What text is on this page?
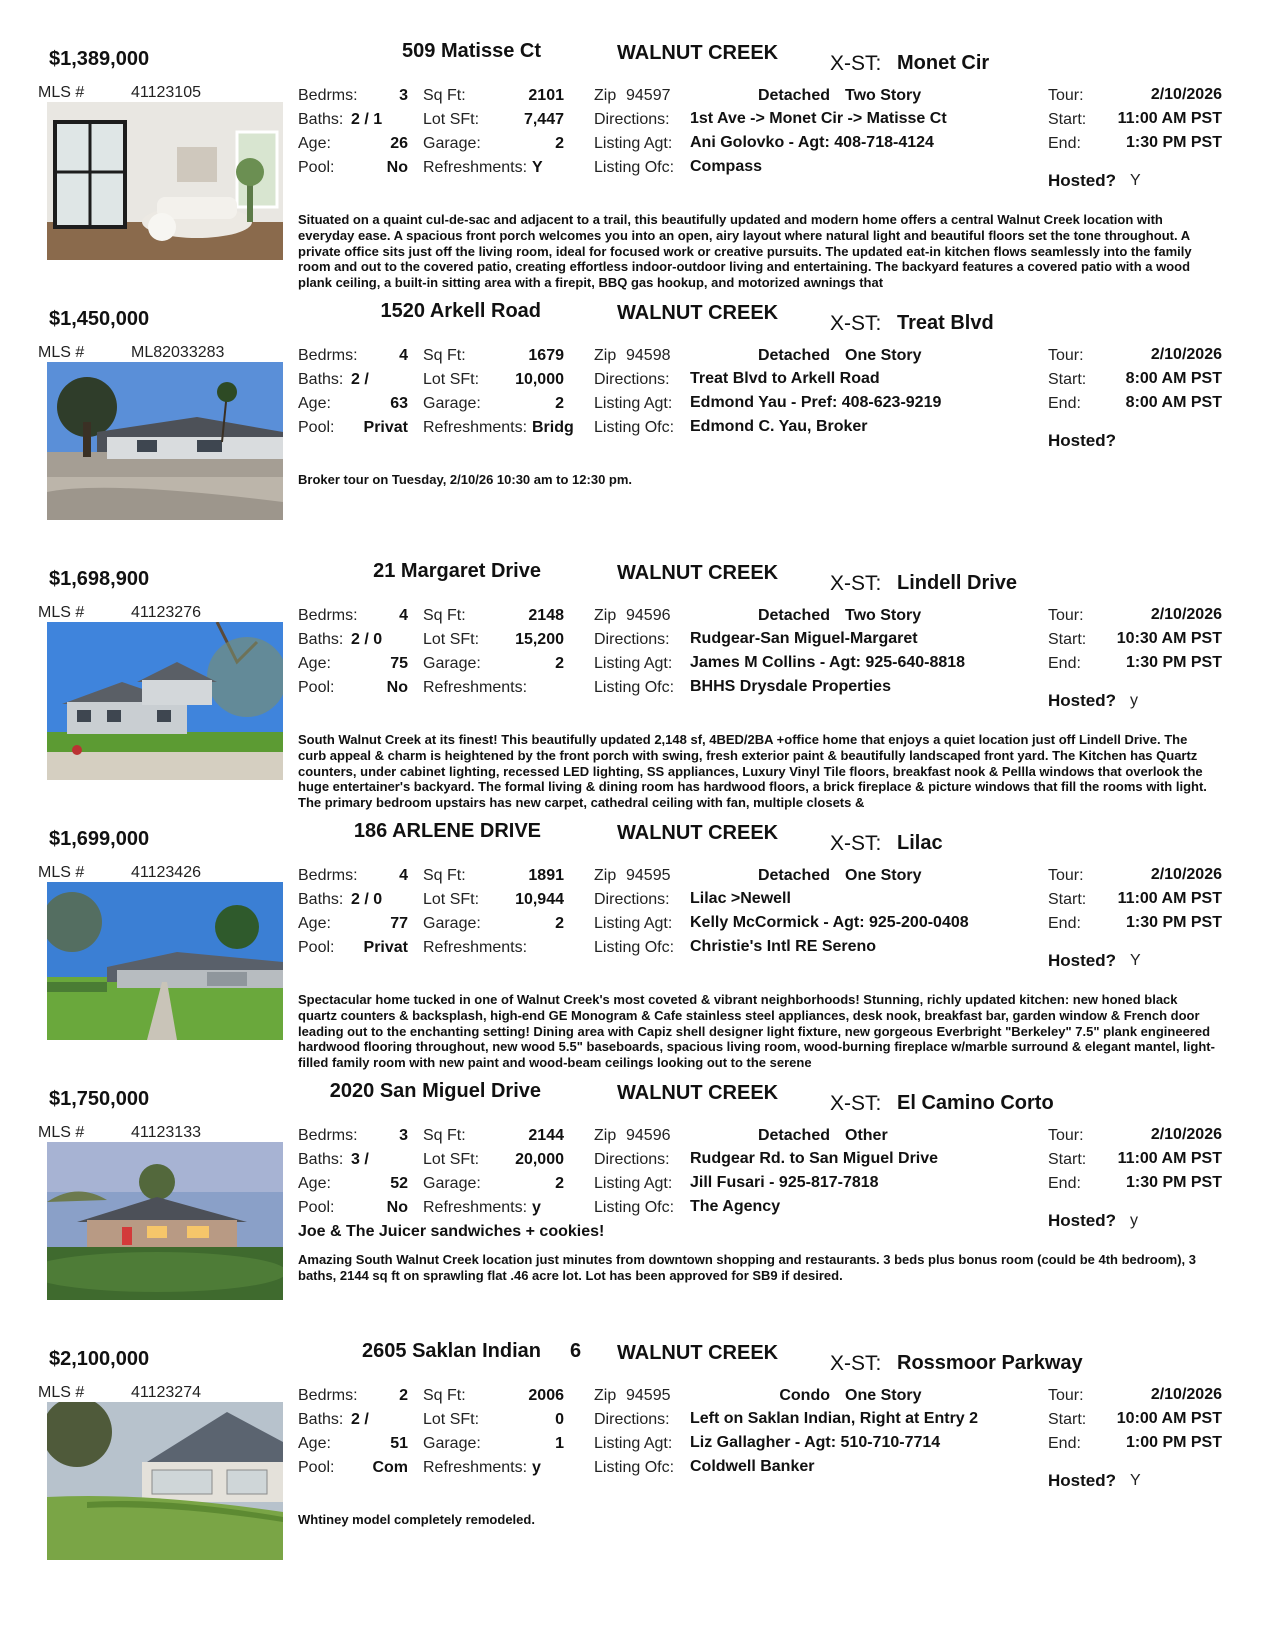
$1,389,000	509 Matisse Ct	WALNUT CREEK X-ST: Monet Cir
MLS #	41123105	Bedrms:	3
Baths: 2 / 1
Age:	26
Pool:	No
Sq Ft:	2101
Lot SFt:	7,447
Garage:	2
Refreshments: Y
Zip 94597	Detached Two Story
Directions: 1st Ave -> Monet Cir -> Matisse Ct
Listing Agt: Ani Golovko - Agt: 408-718-4124
Listing Ofc: Compass
Tour:	2/10/2026
Start: 11:00 AM PST
End:	1:30 PM PST
Hosted? Y
Situated on a quaint cul-de-sac and adjacent to a trail, this beautifully updated and modern home offers a central Walnut Creek location with everyday ease. A spacious front porch welcomes you into an open, airy layout where natural light and beautiful floors set the tone throughout. A private office sits just off the living room, ideal for focused work or creative pursuits. The updated eat-in kitchen flows seamlessly into the family room and out to the covered patio, creating effortless indoor-outdoor living and entertaining. The backyard features a covered patio with a wood plank ceiling, a built-in sitting area with a firepit, BBQ gas hookup, and motorized awnings that
$1,450,000	1520 Arkell Road	WALNUT CREEK X-ST: Treat Blvd
MLS #	ML82033283	Bedrms:	4
Baths: 2 /
Age:	63
Pool: Privat
Sq Ft:	1679
Lot SFt: 10,000
Garage:	2
Refreshments: Bridg
Zip 94598	Detached One Story
Directions: Treat Blvd to Arkell Road
Listing Agt: Edmond Yau - Pref: 408-623-9219
Listing Ofc: Edmond C. Yau, Broker
Tour:	2/10/2026
Start: 8:00 AM PST
End:	8:00 AM PST
Hosted?
Broker tour on Tuesday, 2/10/26 10:30 am to 12:30 pm.
$1,698,900	21 Margaret Drive	WALNUT CREEK X-ST: Lindell Drive
MLS #	41123276	Bedrms:	4
Baths: 2 / 0
Age:	75
Pool:	No
Sq Ft:	2148
Lot SFt: 15,200
Garage:	2
Refreshments:
Zip 94596	Detached Two Story
Directions: Rudgear-San Miguel-Margaret
Listing Agt: James M Collins - Agt: 925-640-8818
Listing Ofc: BHHS Drysdale Properties
Tour:	2/10/2026
Start: 10:30 AM PST
End:	1:30 PM PST
Hosted? y
South Walnut Creek at its finest! This beautifully updated 2,148 sf, 4BED/2BA +office home that enjoys a quiet location just off Lindell Drive. The curb appeal & charm is heightened by the front porch with swing, fresh exterior paint & beautifully landscaped front yard. The Kitchen has Quartz counters, under cabinet lighting, recessed LED lighting, SS appliances, Luxury Vinyl Tile floors, breakfast nook & Pellla windows that overlook the huge entertainer's backyard. The formal living & dining room has hardwood floors, a brick fireplace & picture windows that fill the rooms with light. The primary bedroom upstairs has new carpet, cathedral ceiling with fan, multiple closets &
$1,699,000	186 ARLENE DRIVE	WALNUT CREEK X-ST: Lilac
MLS #	41123426	Bedrms:	4
Baths: 2 / 0
Age:	77
Pool: Privat
Sq Ft:	1891
Lot SFt: 10,944
Garage:	2
Refreshments:
Zip 94595	Detached One Story
Directions: Lilac >Newell
Listing Agt: Kelly McCormick - Agt: 925-200-0408
Listing Ofc: Christie's Intl RE Sereno
Tour:	2/10/2026
Start: 11:00 AM PST
End:	1:30 PM PST
Hosted? Y
Spectacular home tucked in one of Walnut Creek's most coveted & vibrant neighborhoods! Stunning, richly updated kitchen: new honed black quartz counters & backsplash, high-end GE Monogram & Cafe stainless steel appliances, desk nook, breakfast bar, garden window & French door leading out to the enchanting setting! Dining area with Capiz shell designer light fixture, new gorgeous Everbright "Berkeley" 7.5" plank engineered hardwood flooring throughout, new wood 5.5" baseboards, spacious living room, wood-burning fireplace w/marble surround & elegant mantel, light-filled family room with new paint and wood-beam ceilings looking out to the serene
$1,750,000	2020 San Miguel Drive	WALNUT CREEK X-ST: El Camino Corto
MLS #	41123133	Bedrms:	3
Baths: 3 /
Age:	52
Pool:	No
Sq Ft:	2144
Lot SFt: 20,000
Garage:	2
Refreshments: y
Zip 94596	Detached Other
Directions: Rudgear Rd. to San Miguel Drive
Listing Agt: Jill Fusari - 925-817-7818
Listing Ofc: The Agency
Tour:	2/10/2026
Start: 11:00 AM PST
End:	1:30 PM PST
Hosted? y
Joe & The Juicer sandwiches + cookies!
Amazing South Walnut Creek location just minutes from downtown shopping and restaurants. 3 beds plus bonus room (could be 4th bedroom), 3 baths, 2144 sq ft on sprawling flat .46 acre lot. Lot has been approved for SB9 if desired.
$2,100,000	2605 Saklan Indian 6 WALNUT CREEK X-ST: Rossmoor Parkway
MLS #	41123274	Bedrms:	2
Baths: 2 /
Age:	51
Pool: Com
Sq Ft:	2006
Lot SFt:	0
Garage:	1
Refreshments: y
Zip 94595	Condo One Story
Directions: Left on Saklan Indian, Right at Entry 2
Listing Agt: Liz Gallagher - Agt: 510-710-7714
Listing Ofc: Coldwell Banker
Tour:	2/10/2026
Start: 10:00 AM PST
End:	1:00 PM PST
Hosted? Y
Whtiney model completely remodeled.
